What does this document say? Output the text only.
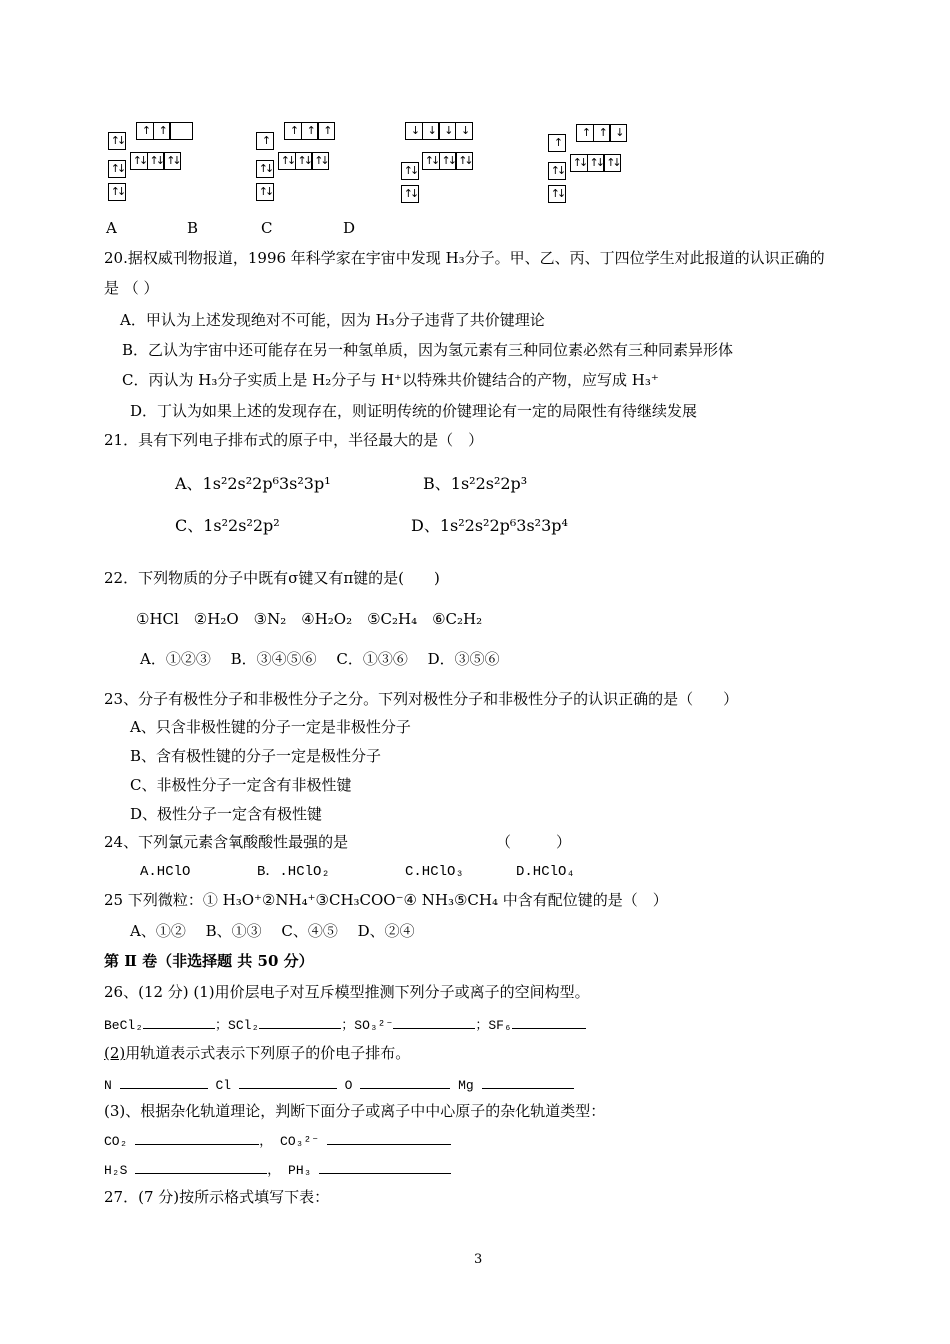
↑ ↑
↑↓
↑↓ ↑↓ ↑↓
↑↓
↑↓
↑ ↑ ↑
↑
↑↓ ↑↓ ↑↓
↑↓
↑↓
↓ ↓ ↓ ↓
↑↓ ↑↓ ↑↓
↑↓
↑↓
↑ ↑ ↓
↑
↑↓ ↑↓ ↑↓
↑↓
↑↓
A	B	C	D
20.据权威刊物报道，1996 年科学家在宇宙中发现 H₃分子。甲、乙、丙、丁四位学生对此报道的认识正确的
是 （ ）
A．甲认为上述发现绝对不可能，因为 H₃分子违背了共价键理论
B．乙认为宇宙中还可能存在另一种氢单质，因为氢元素有三种同位素必然有三种同素异形体
C．丙认为 H₃分子实质上是 H₂分子与 H⁺以特殊共价键结合的产物，应写成 H₃⁺
D．丁认为如果上述的发现存在，则证明传统的价键理论有一定的局限性有待继续发展
21．具有下列电子排布式的原子中，半径最大的是（　）
A、1s²2s²2p⁶3s²3p¹	B、1s²2s²2p³
C、1s²2s²2p²	D、1s²2s²2p⁶3s²3p⁴
22．下列物质的分子中既有σ键又有π键的是(　　)
①HCl　②H₂O　③N₂　④H₂O₂　⑤C₂H₄　⑥C₂H₂
A．①②③　 B．③④⑤⑥　 C．①③⑥　 D．③⑤⑥
23、分子有极性分子和非极性分子之分。下列对极性分子和非极性分子的认识正确的是（　　）
A、只含非极性键的分子一定是非极性分子
B、含有极性键的分子一定是极性分子
C、非极性分子一定含有非极性键
D、极性分子一定含有极性键
24、下列氯元素含氧酸酸性最强的是	（　　　）
A.HClO	B．.HClO₂	C.HClO₃	D.HClO₄
25 下列微粒：① H₃O⁺②NH₄⁺③CH₃COO⁻④ NH₃⑤CH₄ 中含有配位键的是（　）
A、①②　 B、①③　 C、④⑤　 D、②④
第 Ⅱ 卷（非选择题 共 50 分）
26、(12 分) (1)用价层电子对互斥模型推测下列分子或离子的空间构型。
BeCl₂	；SCl₂	；SO₃²⁻	；SF₆
(2)用轨道表示式表示下列原子的价电子排布。
N	Cl	O	Mg
(3)、根据杂化轨道理论，判断下面分子或离子中中心原子的杂化轨道类型：
CO₂	， CO₃²⁻
H₂S	， PH₃
27．(7 分)按所示格式填写下表：
3
